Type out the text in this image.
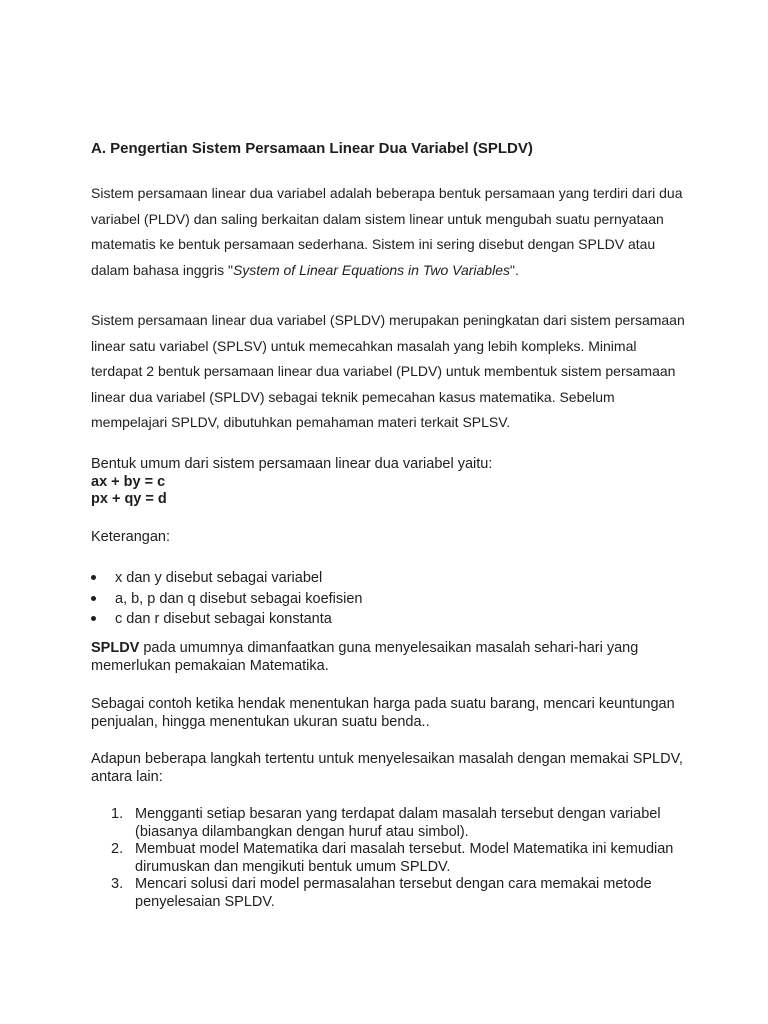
A. Pengertian Sistem Persamaan Linear Dua Variabel (SPLDV)

Sistem persamaan linear dua variabel adalah beberapa bentuk persamaan yang terdiri dari dua variabel (PLDV) dan saling berkaitan dalam sistem linear untuk mengubah suatu pernyataan matematis ke bentuk persamaan sederhana. Sistem ini sering disebut dengan SPLDV atau dalam bahasa inggris "System of Linear Equations in Two Variables".

Sistem persamaan linear dua variabel (SPLDV) merupakan peningkatan dari sistem persamaan linear satu variabel (SPLSV) untuk memecahkan masalah yang lebih kompleks. Minimal terdapat 2 bentuk persamaan linear dua variabel (PLDV) untuk membentuk sistem persamaan linear dua variabel (SPLDV) sebagai teknik pemecahan kasus matematika. Sebelum mempelajari SPLDV, dibutuhkan pemahaman materi terkait SPLSV.

Bentuk umum dari sistem persamaan linear dua variabel yaitu:

ax + by = c
px + qy = d

Keterangan:

x dan y disebut sebagai variabel
a, b, p dan q disebut sebagai koefisien
c dan r disebut sebagai konstanta

SPLDV pada umumnya dimanfaatkan guna menyelesaikan masalah sehari-hari yang memerlukan pemakaian Matematika.

Sebagai contoh ketika hendak menentukan harga pada suatu barang, mencari keuntungan penjualan, hingga menentukan ukuran suatu benda..

Adapun beberapa langkah tertentu untuk menyelesaikan masalah dengan memakai SPLDV, antara lain:

1. Mengganti setiap besaran yang terdapat dalam masalah tersebut dengan variabel (biasanya dilambangkan dengan huruf atau simbol).
2. Membuat model Matematika dari masalah tersebut. Model Matematika ini kemudian dirumuskan dan mengikuti bentuk umum SPLDV.
3. Mencari solusi dari model permasalahan tersebut dengan cara memakai metode penyelesaian SPLDV.
